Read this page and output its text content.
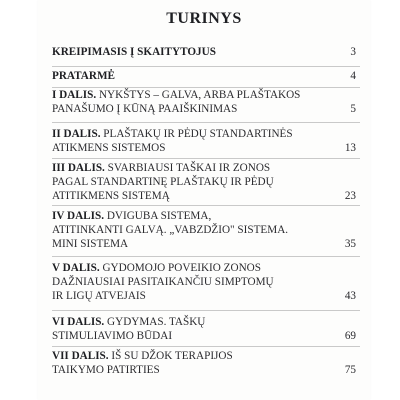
TURINYS
KREIPIMASIS Į SKAITYTOJUS	3
PRATARMĖ	4
I DALIS. NYKŠTYS – GALVA, ARBA PLAŠTAKOS
PANAŠUMO Į KŪNĄ PAAIŠKINIMAS	5
II DALIS. PLAŠTAKŲ IR PĖDŲ STANDARTINĖS
ATIKMENS SISTEMOS	13
III DALIS. SVARBIAUSI TAŠKAI IR ZONOS
PAGAL STANDARTINĘ PLAŠTAKŲ IR PĖDŲ
ATITIKMENS SISTEMĄ	23
IV DALIS. DVIGUBA SISTEMA,
ATITINKANTI GALVĄ. „VABZDŽIO" SISTEMA.
MINI SISTEMA	35
V DALIS. GYDOMOJO POVEIKIO ZONOS
DAŽNIAUSIAI PASITAIKANČIU SIMPTOMŲ
IR LIGŲ ATVEJAIS	43
VI DALIS. GYDYMAS. TAŠKŲ
STIMULIAVIMO BŪDAI	69
VII DALIS. IŠ SU DŽOK TERAPIJOS
TAIKYMO PATIRTIES	75
